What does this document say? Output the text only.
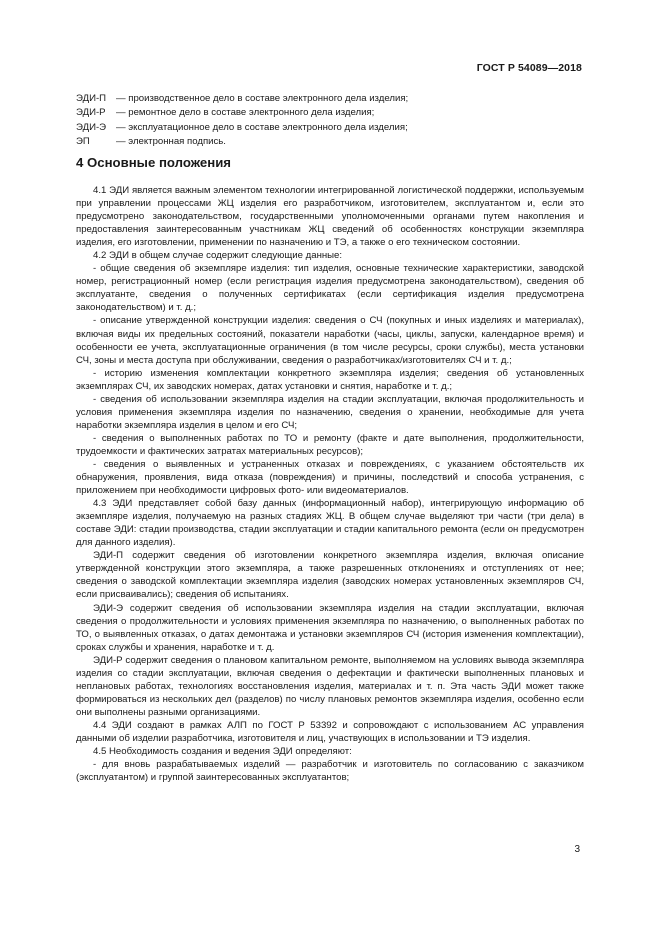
ГОСТ Р 54089—2018
ЭДИ-П	— производственное дело в составе электронного дела изделия;
ЭДИ-Р	— ремонтное дело в составе электронного дела изделия;
ЭДИ-Э	— эксплуатационное дело в составе электронного дела изделия;
ЭП	— электронная подпись.
4 Основные положения

4.1 ЭДИ является важным элементом технологии интегрированной логистической поддержки, используемым при управлении процессами ЖЦ изделия его разработчиком, изготовителем, эксплуатантом и, если это предусмотрено законодательством, государственными уполномоченными органами путем накопления и предоставления заинтересованным участникам ЖЦ сведений об особенностях конструкции экземпляра изделия, его изготовлении, применении по назначению и ТЭ, а также о его техническом состоянии.

4.2 ЭДИ в общем случае содержит следующие данные:

- общие сведения об экземпляре изделия: тип изделия, основные технические характеристики, заводской номер, регистрационный номер (если регистрация изделия предусмотрена законодательством), сведения об эксплуатанте, сведения о полученных сертификатах (если сертификация изделия предусмотрена законодательством) и т. д.;

- описание утвержденной конструкции изделия: сведения о СЧ (покупных и иных изделиях и материалах), включая виды их предельных состояний, показатели наработки (часы, циклы, запуски, календарное время) и особенности ее учета, эксплуатационные ограничения (в том числе ресурсы, сроки службы), места установки СЧ, зоны и места доступа при обслуживании, сведения о разработчиках/изготовителях СЧ и т. д.;

- историю изменения комплектации конкретного экземпляра изделия; сведения об установленных экземплярах СЧ, их заводских номерах, датах установки и снятия, наработке и т. д.;

- сведения об использовании экземпляра изделия на стадии эксплуатации, включая продолжительность и условия применения экземпляра изделия по назначению, сведения о хранении, необходимые для учета наработки экземпляра изделия в целом и его СЧ;

- сведения о выполненных работах по ТО и ремонту (факте и дате выполнения, продолжительности, трудоемкости и фактических затратах материальных ресурсов);

- сведения о выявленных и устраненных отказах и повреждениях, с указанием обстоятельств их обнаружения, проявления, вида отказа (повреждения) и причины, последствий и способа устранения, с приложением при необходимости цифровых фото- или видеоматериалов.

4.3 ЭДИ представляет собой базу данных (информационный набор), интегрирующую информацию об экземпляре изделия, получаемую на разных стадиях ЖЦ. В общем случае выделяют три части (три дела) в составе ЭДИ: стадии производства, стадии эксплуатации и стадии капитального ремонта (если он предусмотрен для данного изделия).

ЭДИ-П содержит сведения об изготовлении конкретного экземпляра изделия, включая описание утвержденной конструкции этого экземпляра, а также разрешенных отклонениях и отступлениях от нее; сведения о заводской комплектации экземпляра изделия (заводских номерах установленных экземпляров СЧ, если присваивались); сведения об испытаниях.

ЭДИ-Э содержит сведения об использовании экземпляра изделия на стадии эксплуатации, включая сведения о продолжительности и условиях применения экземпляра по назначению, о выполненных работах по ТО, о выявленных отказах, о датах демонтажа и установки экземпляров СЧ (история изменения комплектации), сроках службы и хранения, наработке и т. д.

ЭДИ-Р содержит сведения о плановом капитальном ремонте, выполняемом на условиях вывода экземпляра изделия со стадии эксплуатации, включая сведения о дефектации и фактически выполненных плановых и неплановых работах, технологиях восстановления изделия, материалах и т. п. Эта часть ЭДИ может также формироваться из нескольких дел (разделов) по числу плановых ремонтов экземпляра изделия, особенно если они выполнены разными организациями.

4.4 ЭДИ создают в рамках АЛП по ГОСТ Р 53392 и сопровождают с использованием АС управления данными об изделии разработчика, изготовителя и лиц, участвующих в использовании и ТЭ изделия.

4.5 Необходимость создания и ведения ЭДИ определяют:

- для вновь разрабатываемых изделий — разработчик и изготовитель по согласованию с заказчиком (эксплуатантом) и группой заинтересованных эксплуатантов;

3
